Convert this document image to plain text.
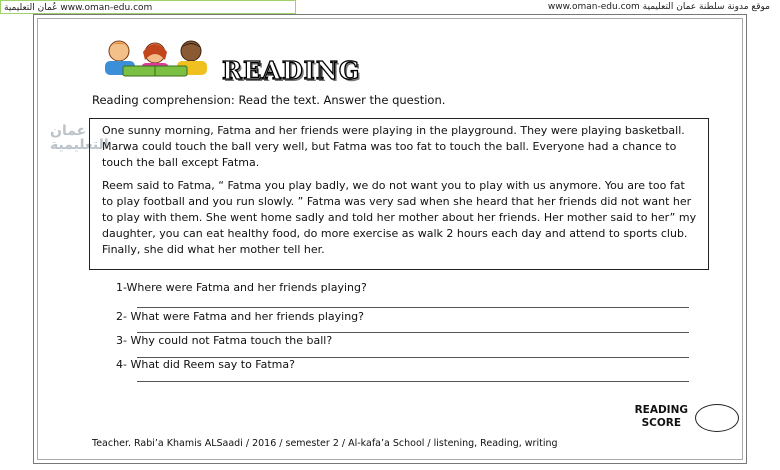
عُمان التعليمية www.oman-edu.com	www.oman-edu.com موقع مدونة سلطنة عمان التعليمية
عمان
التعليمية
READING
Reading comprehension: Read the text. Answer the question.

One sunny morning, Fatma and her friends were playing in the playground. They were playing basketball. Marwa could touch the ball very well, but Fatma was too fat to touch the ball. Everyone had a chance to touch the ball except Fatma.

Reem said to Fatma, “ Fatma you play badly, we do not want you to play with us anymore. You are too fat to play football and you run slowly. ” Fatma was very sad when she heard that her friends did not want her to play with them. She went home sadly and told her mother about her friends. Her mother said to her” my daughter, you can eat healthy food, do more exercise as walk 2 hours each day and attend to sports club. Finally, she did what her mother tell her.

1-Where were Fatma and her friends playing?
2- What were Fatma and her friends playing?
3- Why could not Fatma touch the ball?
4- What did Reem say to Fatma?
READING
SCORE
Teacher. Rabi’a Khamis ALSaadi / 2016 / semester 2 / Al-kafa’a School / listening, Reading, writing
